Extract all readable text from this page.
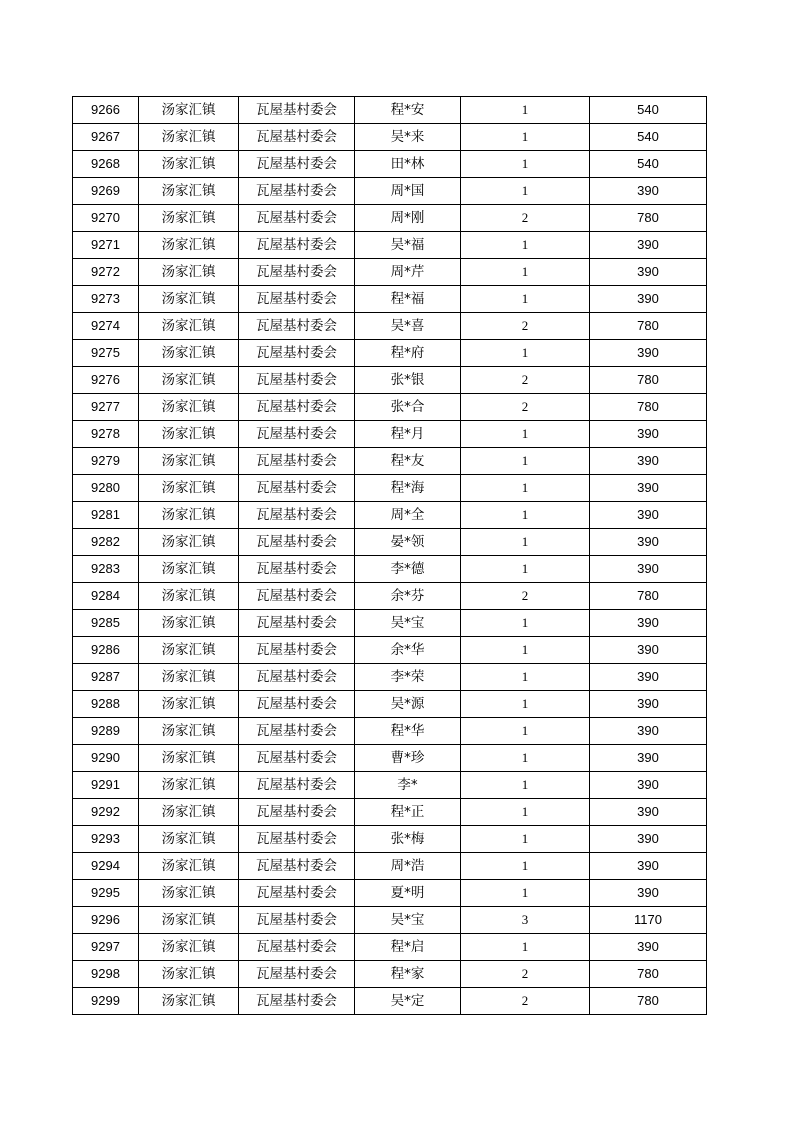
9266	汤家汇镇	瓦屋基村委会	程*安	1	540
9267	汤家汇镇	瓦屋基村委会	吴*来	1	540
9268	汤家汇镇	瓦屋基村委会	田*林	1	540
9269	汤家汇镇	瓦屋基村委会	周*国	1	390
9270	汤家汇镇	瓦屋基村委会	周*刚	2	780
9271	汤家汇镇	瓦屋基村委会	吴*福	1	390
9272	汤家汇镇	瓦屋基村委会	周*芹	1	390
9273	汤家汇镇	瓦屋基村委会	程*福	1	390
9274	汤家汇镇	瓦屋基村委会	吴*喜	2	780
9275	汤家汇镇	瓦屋基村委会	程*府	1	390
9276	汤家汇镇	瓦屋基村委会	张*银	2	780
9277	汤家汇镇	瓦屋基村委会	张*合	2	780
9278	汤家汇镇	瓦屋基村委会	程*月	1	390
9279	汤家汇镇	瓦屋基村委会	程*友	1	390
9280	汤家汇镇	瓦屋基村委会	程*海	1	390
9281	汤家汇镇	瓦屋基村委会	周*全	1	390
9282	汤家汇镇	瓦屋基村委会	晏*领	1	390
9283	汤家汇镇	瓦屋基村委会	李*德	1	390
9284	汤家汇镇	瓦屋基村委会	余*芬	2	780
9285	汤家汇镇	瓦屋基村委会	吴*宝	1	390
9286	汤家汇镇	瓦屋基村委会	余*华	1	390
9287	汤家汇镇	瓦屋基村委会	李*荣	1	390
9288	汤家汇镇	瓦屋基村委会	吴*源	1	390
9289	汤家汇镇	瓦屋基村委会	程*华	1	390
9290	汤家汇镇	瓦屋基村委会	曹*珍	1	390
9291	汤家汇镇	瓦屋基村委会	李*	1	390
9292	汤家汇镇	瓦屋基村委会	程*正	1	390
9293	汤家汇镇	瓦屋基村委会	张*梅	1	390
9294	汤家汇镇	瓦屋基村委会	周*浩	1	390
9295	汤家汇镇	瓦屋基村委会	夏*明	1	390
9296	汤家汇镇	瓦屋基村委会	吴*宝	3	1170
9297	汤家汇镇	瓦屋基村委会	程*启	1	390
9298	汤家汇镇	瓦屋基村委会	程*家	2	780
9299	汤家汇镇	瓦屋基村委会	吴*定	2	780
